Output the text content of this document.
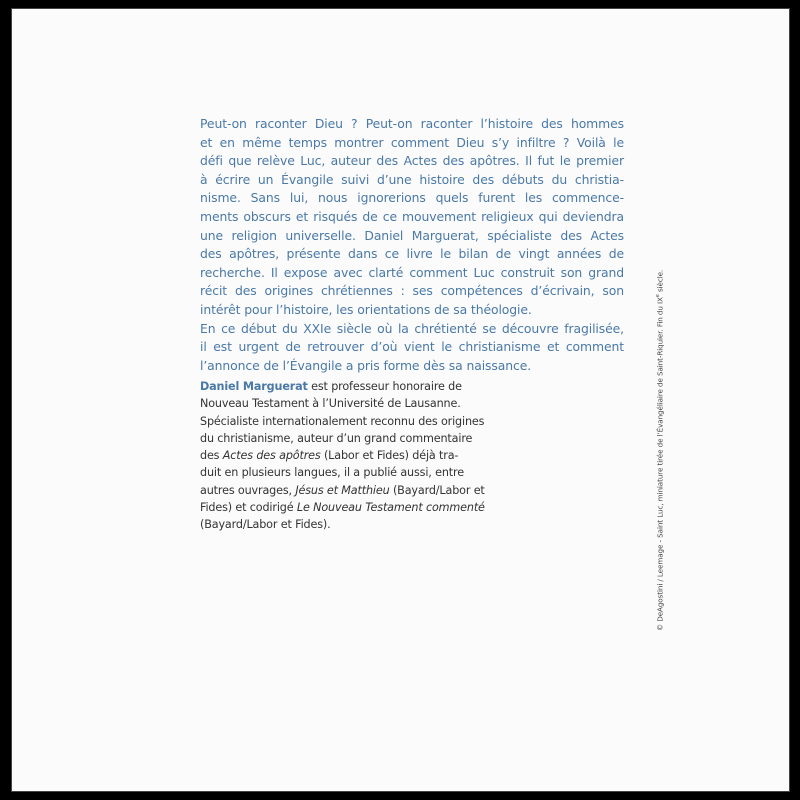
Peut-on raconter Dieu ? Peut-on raconter l’histoire des hommes
et en même temps montrer comment Dieu s’y infiltre ? Voilà le
défi que relève Luc, auteur des Actes des apôtres. Il fut le premier
à écrire un Évangile suivi d’une histoire des débuts du christia-
nisme. Sans lui, nous ignorerions quels furent les commence-
ments obscurs et risqués de ce mouvement religieux qui deviendra
une religion universelle. Daniel Marguerat, spécialiste des Actes
des apôtres, présente dans ce livre le bilan de vingt années de
recherche. Il expose avec clarté comment Luc construit son grand
récit des origines chrétiennes : ses compétences d’écrivain, son
intérêt pour l’histoire, les orientations de sa théologie.
En ce début du XXIe siècle où la chrétienté se découvre fragilisée,
il est urgent de retrouver d’où vient le christianisme et comment
l’annonce de l’Évangile a pris forme dès sa naissance.
Daniel Marguerat est professeur honoraire de
Nouveau Testament à l’Université de Lausanne.
Spécialiste internationalement reconnu des origines
du christianisme, auteur d’un grand commentaire
des Actes des apôtres (Labor et Fides) déjà tra-
duit en plusieurs langues, il a publié aussi, entre
autres ouvrages, Jésus et Matthieu (Bayard/Labor et
Fides) et codirigé Le Nouveau Testament commenté
(Bayard/Labor et Fides).	© DeAgostini / Leemage - Saint Luc, miniature tirée de l’Évangéliaire de Saint-Riquier. Fin du IXe siècle.
